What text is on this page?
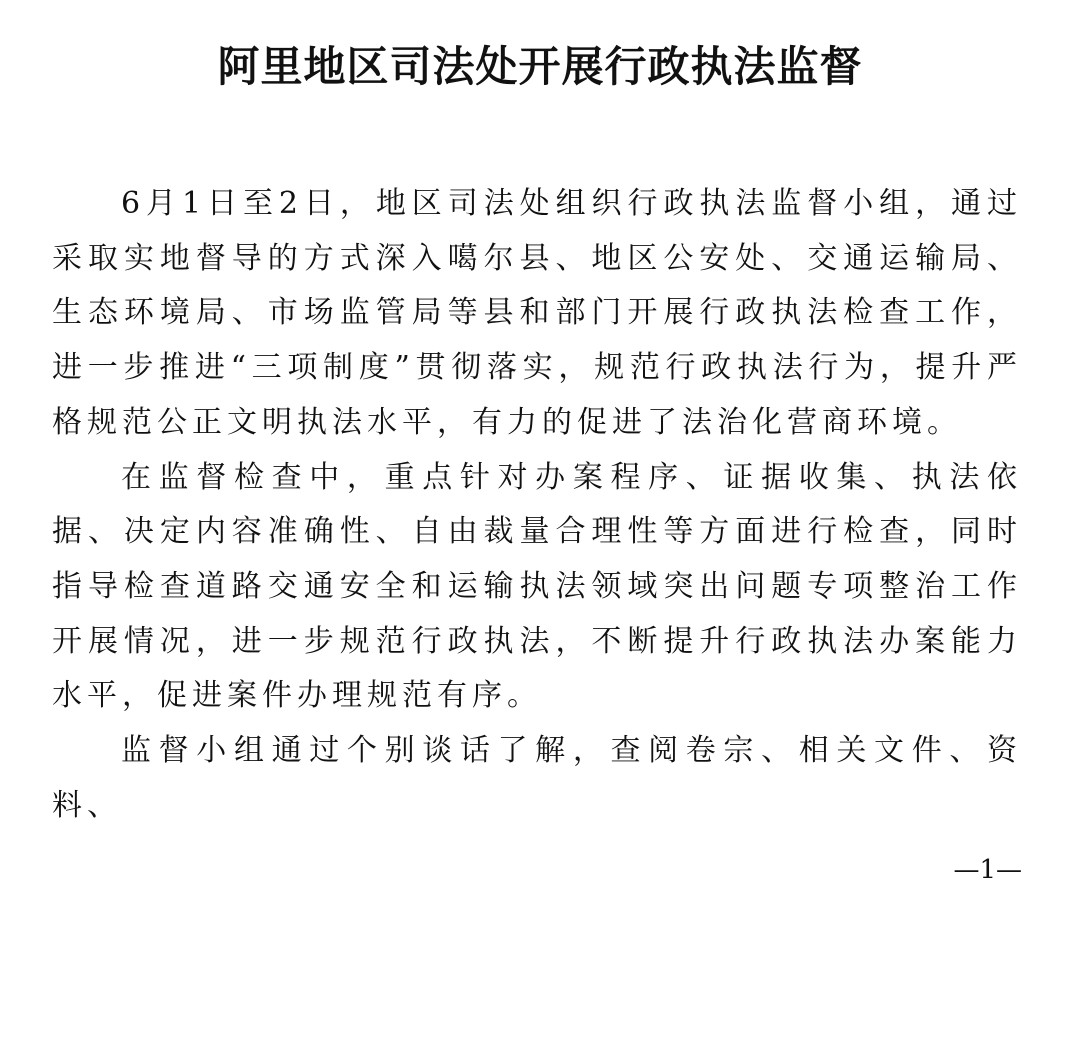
阿里地区司法处开展行政执法监督

6月1日至2日，地区司法处组织行政执法监督小组，通过采取实地督导的方式深入噶尔县、地区公安处、交通运输局、生态环境局、市场监管局等县和部门开展行政执法检查工作，进一步推进“三项制度”贯彻落实，规范行政执法行为，提升严格规范公正文明执法水平，有力的促进了法治化营商环境。

在监督检查中，重点针对办案程序、证据收集、执法依据、决定内容准确性、自由裁量合理性等方面进行检查，同时指导检查道路交通安全和运输执法领域突出问题专项整治工作开展情况，进一步规范行政执法，不断提升行政执法办案能力水平，促进案件办理规范有序。

监督小组通过个别谈话了解，查阅卷宗、相关文件、资料、

—1—
